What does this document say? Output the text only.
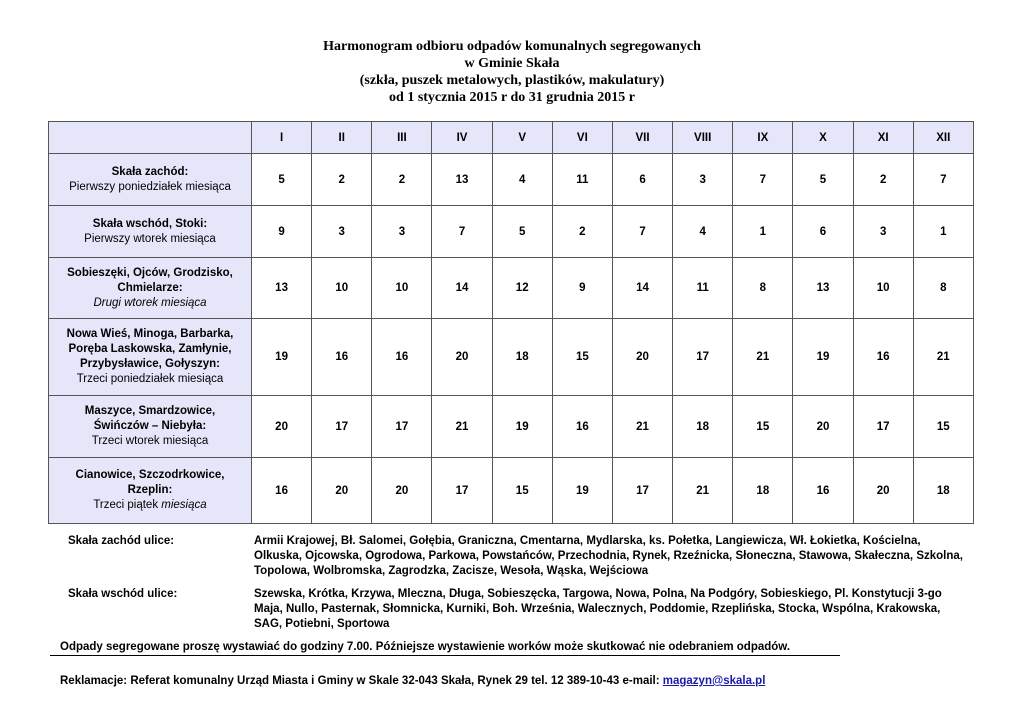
Harmonogram odbioru odpadów komunalnych segregowanych
w Gminie Skała
(szkła, puszek metalowych, plastików, makulatury)
od 1 stycznia 2015 r do 31 grudnia 2015 r
	I	II	III	IV	V	VI	VII	VIII	IX	X	XI	XII

Skała zachód:
Pierwszy poniedziałek miesiąca	5	2	2	13	4	11	6	3	7	5	2	7

Skała wschód, Stoki:
Pierwszy wtorek miesiąca	9	3	3	7	5	2	7	4	1	6	3	1

Sobieszęki, Ojców, Grodzisko,
Chmielarze:
Drugi wtorek miesiąca	13	10	10	14	12	9	14	11	8	13	10	8

Nowa Wieś, Minoga, Barbarka,
Poręba Laskowska, Zamłynie,
Przybysławice, Gołyszyn:
Trzeci poniedziałek miesiąca	19	16	16	20	18	15	20	17	21	19	16	21

Maszyce, Smardzowice,
Świńczów – Niebyła:
Trzeci wtorek miesiąca	20	17	17	21	19	16	21	18	15	20	17	15

Cianowice, Szczodrkowice,
Rzeplin:
Trzeci piątek miesiąca	16	20	20	17	15	19	17	21	18	16	20	18
Skała zachód ulice:	Armii Krajowej, Bł. Salomei, Gołębia, Graniczna, Cmentarna, Mydlarska, ks. Połetka, Langiewicza, Wł. Łokietka, Kościelna, Olkuska, Ojcowska, Ogrodowa, Parkowa, Powstańców, Przechodnia, Rynek, Rzeźnicka, Słoneczna, Stawowa, Skałeczna, Szkolna, Topolowa, Wolbromska, Zagrodzka, Zacisze, Wesoła, Wąska, Wejściowa
Skała wschód ulice:	Szewska, Krótka, Krzywa, Mleczna, Długa, Sobieszęcka, Targowa, Nowa, Polna, Na Podgóry, Sobieskiego, Pl. Konstytucji 3-go Maja, Nullo, Pasternak, Słomnicka, Kurniki, Boh. Września, Walecznych, Poddomie, Rzeplińska, Stocka, Wspólna, Krakowska, SAG, Potiebni, Sportowa
Odpady segregowane proszę wystawiać do godziny 7.00. Późniejsze wystawienie worków może skutkować nie odebraniem odpadów.
Reklamacje: Referat komunalny Urząd Miasta i Gminy w Skale 32-043 Skała, Rynek 29 tel. 12 389-10-43 e-mail: magazyn@skala.pl
